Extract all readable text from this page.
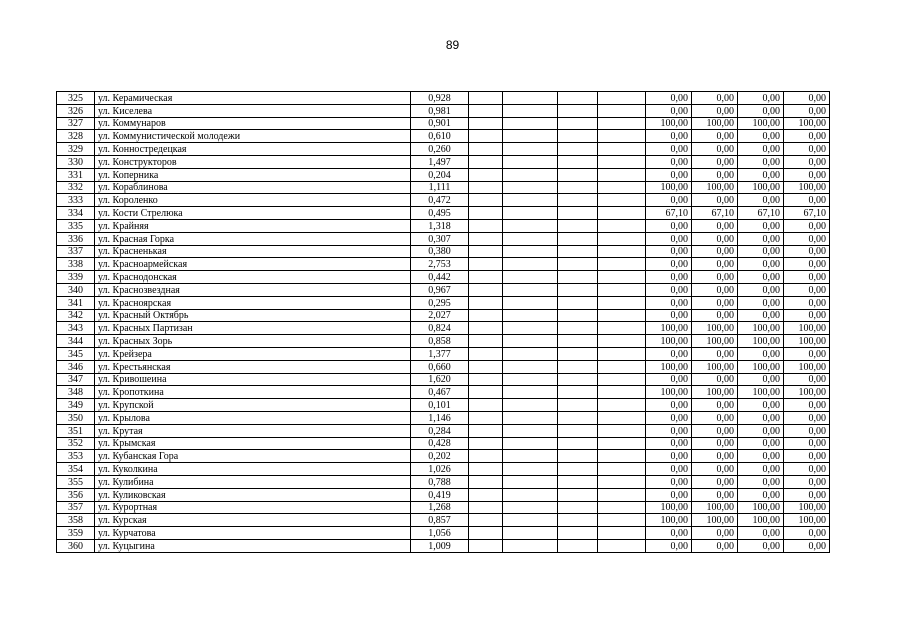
89
325	ул. Керамическая	0,928					0,00	0,00	0,00	0,00
326	ул. Киселева	0,981					0,00	0,00	0,00	0,00
327	ул. Коммунаров	0,901					100,00	100,00	100,00	100,00
328	ул. Коммунистической молодежи	0,610					0,00	0,00	0,00	0,00
329	ул. Конностредецкая	0,260					0,00	0,00	0,00	0,00
330	ул. Конструкторов	1,497					0,00	0,00	0,00	0,00
331	ул. Коперника	0,204					0,00	0,00	0,00	0,00
332	ул. Кораблинова	1,111					100,00	100,00	100,00	100,00
333	ул. Короленко	0,472					0,00	0,00	0,00	0,00
334	ул. Кости Стрелюка	0,495					67,10	67,10	67,10	67,10
335	ул. Крайняя	1,318					0,00	0,00	0,00	0,00
336	ул. Красная Горка	0,307					0,00	0,00	0,00	0,00
337	ул. Красненькая	0,380					0,00	0,00	0,00	0,00
338	ул. Красноармейская	2,753					0,00	0,00	0,00	0,00
339	ул. Краснодонская	0,442					0,00	0,00	0,00	0,00
340	ул. Краснозвездная	0,967					0,00	0,00	0,00	0,00
341	ул. Красноярская	0,295					0,00	0,00	0,00	0,00
342	ул. Красный Октябрь	2,027					0,00	0,00	0,00	0,00
343	ул. Красных Партизан	0,824					100,00	100,00	100,00	100,00
344	ул. Красных Зорь	0,858					100,00	100,00	100,00	100,00
345	ул. Крейзера	1,377					0,00	0,00	0,00	0,00
346	ул. Крестьянская	0,660					100,00	100,00	100,00	100,00
347	ул. Кривошеина	1,620					0,00	0,00	0,00	0,00
348	ул. Кропоткина	0,467					100,00	100,00	100,00	100,00
349	ул. Крупской	0,101					0,00	0,00	0,00	0,00
350	ул. Крылова	1,146					0,00	0,00	0,00	0,00
351	ул. Крутая	0,284					0,00	0,00	0,00	0,00
352	ул. Крымская	0,428					0,00	0,00	0,00	0,00
353	ул. Кубанская Гора	0,202					0,00	0,00	0,00	0,00
354	ул. Куколкина	1,026					0,00	0,00	0,00	0,00
355	ул. Кулибина	0,788					0,00	0,00	0,00	0,00
356	ул. Куликовская	0,419					0,00	0,00	0,00	0,00
357	ул. Курортная	1,268					100,00	100,00	100,00	100,00
358	ул. Курская	0,857					100,00	100,00	100,00	100,00
359	ул. Курчатова	1,056					0,00	0,00	0,00	0,00
360	ул. Куцыгина	1,009					0,00	0,00	0,00	0,00
